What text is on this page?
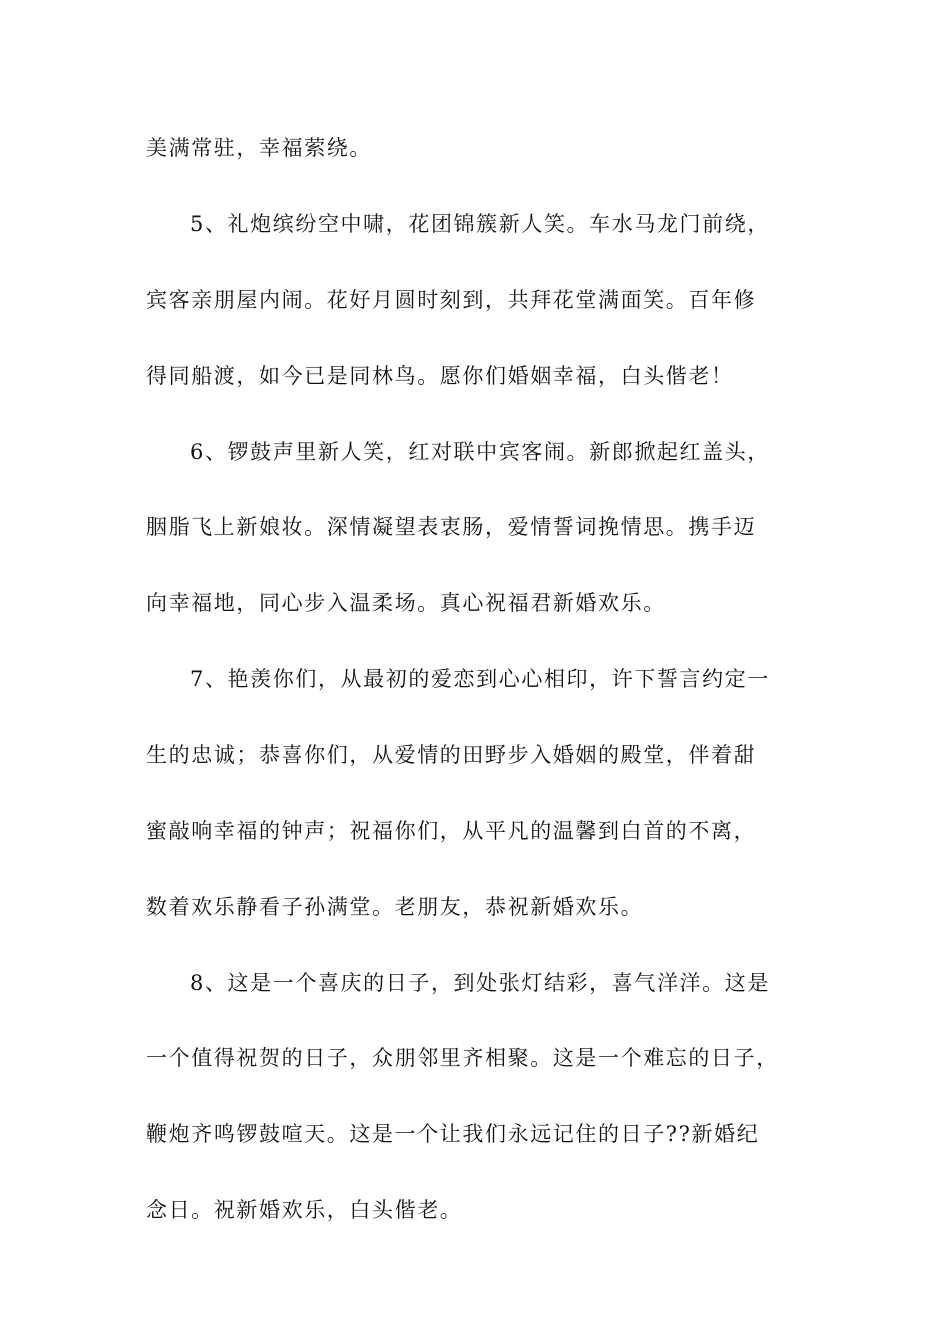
美满常驻，幸福萦绕。
5、礼炮缤纷空中啸，花团锦簇新人笑。车水马龙门前绕，
宾客亲朋屋内闹。花好月圆时刻到，共拜花堂满面笑。百年修
得同船渡，如今已是同林鸟。愿你们婚姻幸福，白头偕老！
6、锣鼓声里新人笑，红对联中宾客闹。新郎掀起红盖头，
胭脂飞上新娘妆。深情凝望表衷肠，爱情誓词挽情思。携手迈
向幸福地，同心步入温柔场。真心祝福君新婚欢乐。
7、艳羡你们，从最初的爱恋到心心相印，许下誓言约定一
生的忠诚；恭喜你们，从爱情的田野步入婚姻的殿堂，伴着甜
蜜敲响幸福的钟声；祝福你们，从平凡的温馨到白首的不离，
数着欢乐静看子孙满堂。老朋友，恭祝新婚欢乐。
8、这是一个喜庆的日子，到处张灯结彩，喜气洋洋。这是
一个值得祝贺的日子，众朋邻里齐相聚。这是一个难忘的日子，
鞭炮齐鸣锣鼓喧天。这是一个让我们永远记住的日子??新婚纪
念日。祝新婚欢乐，白头偕老。
